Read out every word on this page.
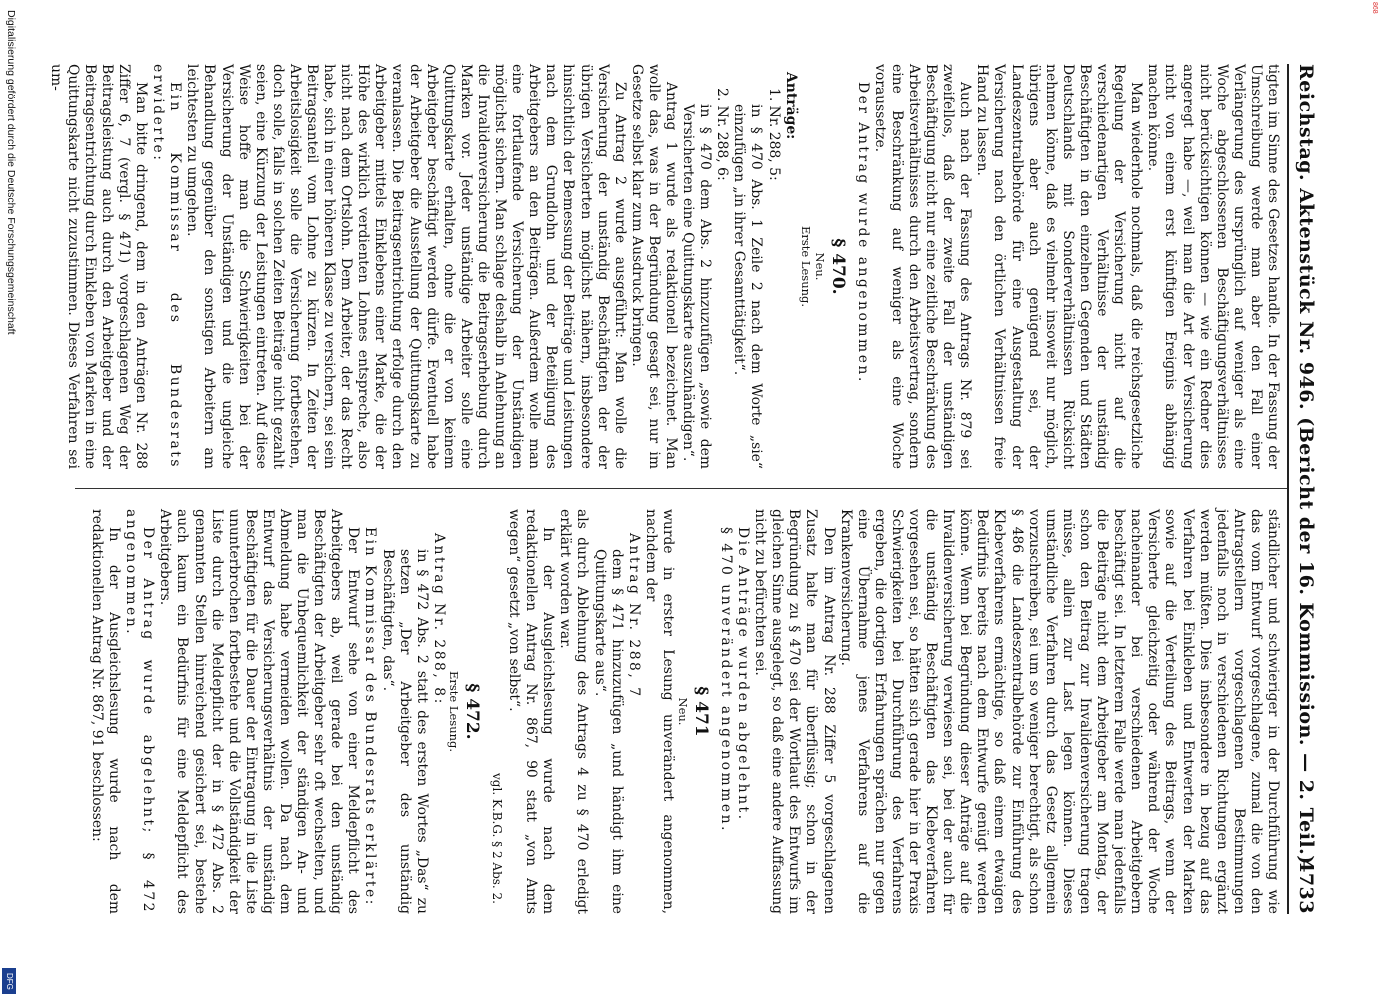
Digitalisierung gefördert durch die Deutsche Forschungsgemeinschaft
DFG
868
Reichstag. Aktenstück Nr. 946. (Bericht der 16. Kommission. — 2. Teil.)
4733

tigten im Sinne des Gesetzes handle. In der Fassung der Umschreibung werde man aber den Fall einer Verlängerung des ursprünglich auf weniger als eine Woche abgeschlossenen Beschäftigungsverhältnisses nicht berücksichtigen können — wie ein Redner dies angeregt habe —, weil man die Art der Versicherung nicht von einem erst künftigen Ereignis abhängig machen könne.

Man wiederhole nochmals, daß die reichsgesetzliche Regelung der Versicherung nicht auf die verschiedenartigen Verhältnisse der unständig Beschäftigten in den einzelnen Gegenden und Städten Deutschlands mit Sonderverhältnissen Rücksicht nehmen könne, daß es vielmehr insoweit nur möglich, übrigens aber auch genügend sei, der Landeszentralbehörde für eine Ausgestaltung der Versicherung nach den örtlichen Verhältnissen freie Hand zu lassen.

Auch nach der Fassung des Antrags Nr. 879 sei zweifellos, daß der zweite Fall der unständigen Beschäftigung nicht nur eine zeitliche Beschränkung des Arbeitsverhältnisses durch den Arbeitsvertrag, sondern eine Beschränkung auf weniger als eine Woche voraussetze.

Der Antrag wurde angenommen.

§ 470.
Neu.
Erste Lesung.

Anträge:

1. Nr. 288, 5:

in § 470 Abs. 1 Zeile 2 nach dem Worte „sie“ einzufügen „in ihrer Gesamttätigkeit“.

2. Nr. 288, 6:

in § 470 dem Abs. 2 hinzuzufügen „sowie dem Versicherten eine Quittungskarte auszuhändigen“.

Antrag 1 wurde als redaktionell bezeichnet. Man wolle das, was in der Begründung gesagt sei, nur im Gesetze selbst klar zum Ausdruck bringen.

Zu Antrag 2 wurde ausgeführt: Man wolle die Versicherung der unständig Beschäftigten der der übrigen Versicherten möglichst nähern, insbesondere hinsichtlich der Bemessung der Beiträge und Leistungen nach dem Grundlohn und der Beteiligung des Arbeitgebers an den Beiträgen. Außerdem wolle man eine fortlaufende Versicherung der Unständigen möglichst sichern. Man schlage deshalb in Anlehnung an die Invalidenversicherung die Beitragserhebung durch Marken vor. Jeder unständige Arbeiter solle eine Quittungskarte erhalten, ohne die er von keinem Arbeitgeber beschäftigt werden dürfe. Eventuell habe der Arbeitgeber die Ausstellung der Quittungskarte zu veranlassen. Die Beitragsentrichtung erfolge durch den Arbeitgeber mittels Einklebens einer Marke, die der Höhe des wirklich verdienten Lohnes entspreche, also nicht nach dem Ortslohn. Dem Arbeiter, der das Recht habe, sich in einer höheren Klasse zu versichern, sei sein Beitragsanteil vom Lohne zu kürzen. In Zeiten der Arbeitslosigkeit solle die Versicherung fortbestehen, doch solle, falls in solchen Zeiten Beiträge nicht gezahlt seien, eine Kürzung der Leistungen eintreten. Auf diese Weise hoffe man die Schwierigkeiten bei der Versicherung der Unständigen und die ungleiche Behandlung gegenüber den sonstigen Arbeitern am leichtesten zu umgehen.

Ein Kommissar des Bundesrats erwiderte:

Man bitte dringend, dem in den Anträgen Nr. 288 Ziffer 6, 7 (vergl. § 471) vorgeschlagenen Weg der Beitragsleistung auch durch den Arbeitgeber und der Beitragsentrichtung durch Einkleben von Marken in eine Quittungskarte nicht zuzustimmen. Dieses Verfahren sei um-

ständlicher und schwieriger in der Durchführung wie das vom Entwurf vorgeschlagene, zumal die von den Antragstellern vorgeschlagenen Bestimmungen jedenfalls noch in verschiedenen Richtungen ergänzt werden müßten. Dies insbesondere in bezug auf das Verfahren bei Einkleben und Entwerten der Marken sowie auf die Verteilung des Beitrags, wenn der Versicherte gleichzeitig oder während der Woche nacheinander bei verschiedenen Arbeitgebern beschäftigt sei. In letzterem Falle werde man jedenfalls die Beiträge nicht dem Arbeitgeber am Montag, der schon den Beitrag zur Invalidenversicherung tragen müsse, allein zur Last legen können. Dieses umständliche Verfahren durch das Gesetz allgemein vorzuschreiben, sei um so weniger berechtigt, als schon § 486 die Landeszentralbehörde zur Einführung des Klebeverfahrens ermächtige, so daß einem etwaigen Bedürfnis bereits nach dem Entwurfe genügt werden könne. Wenn bei Begründung dieser Anträge auf die Invalidenversicherung verwiesen sei, bei der auch für die unständig Beschäftigten das Klebeverfahren vorgesehen sei, so hätten sich gerade hier in der Praxis Schwierigkeiten bei Durchführung des Verfahrens ergeben, die dortigen Erfahrungen sprächen nur gegen eine Übernahme jenes Verfahrens auf die Krankenversicherung.

Den im Antrag Nr. 288 Ziffer 5 vorgeschlagenen Zusatz halte man für überflüssig; schon in der Begründung zu § 470 sei der Wortlaut des Entwurfs im gleichen Sinne ausgelegt, so daß eine andere Auffassung nicht zu befürchten sei.

Die Anträge wurden abgelehnt.

§ 470 unverändert angenommen.

§ 471
Neu.

wurde in erster Lesung unverändert angenommen, nachdem der

Antrag Nr. 288, 7

dem § 471 hinzuzufügen „und händigt ihm eine Quittungskarte aus“.

als durch Ablehnung des Antrags 4 zu § 470 erledigt erklärt worden war.

In der Ausgleichslesung wurde nach dem redaktionellen Antrag Nr. 867, 90 statt „von Amts wegen“ gesetzt „von selbst“.

vgl. K.B.G. § 2 Abs. 2.
§ 472.
Erste Lesung.

Antrag Nr. 288, 8:

in § 472 Abs. 2 statt des ersten Wortes „Das“ zu setzen „Der Arbeitgeber des unständig Beschäftigten, das“.

Ein Kommissar des Bundesrats erklärte:

Der Entwurf sehe von einer Meldepflicht des Arbeitgebers ab, weil gerade bei den unständig Beschäftigten der Arbeitgeber sehr oft wechselten, und man die Unbequemlichkeit der ständigen An- und Abmeldung habe vermeiden wollen. Da nach dem Entwurf das Versicherungsverhältnis der unständig Beschäftigten für die Dauer der Eintragung in die Liste ununterbrochen fortbestehe und die Vollständigkeit der Liste durch die Meldepflicht der in § 472 Abs. 2 genannten Stellen hinreichend gesichert sei, bestehe auch kaum ein Bedürfnis für eine Meldepflicht des Arbeitgebers.

Der Antrag wurde abgelehnt; § 472 angenommen.

In der Ausgleichslesung wurde nach dem redaktionellen Antrag Nr. 867, 91 beschlossen:
